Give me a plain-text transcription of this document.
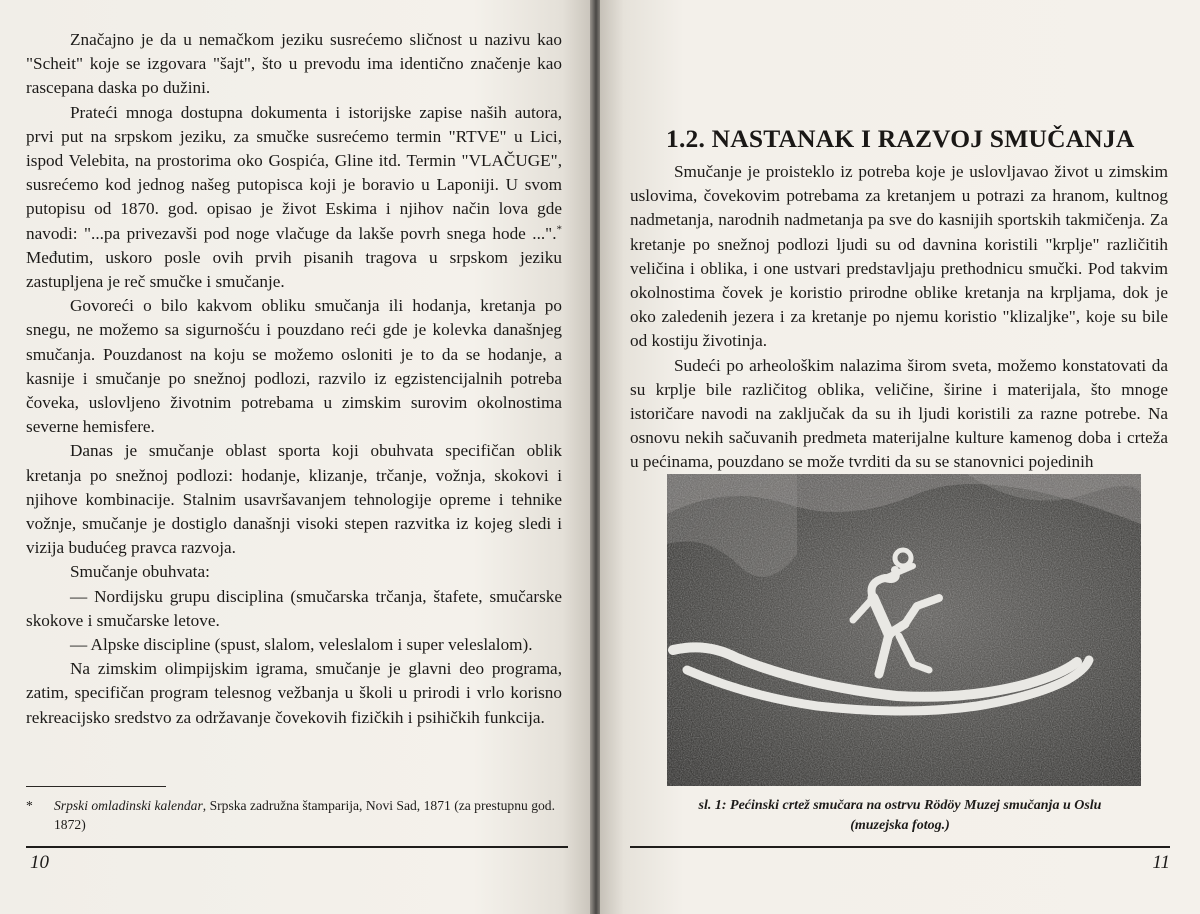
Značajno je da u nemačkom jeziku susrećemo sličnost u nazivu kao "Scheit" koje se izgovara "šajt", što u prevodu ima identično značenje kao rascepana daska po dužini.

Prateći mnoga dostupna dokumenta i istorijske zapise naših autora, prvi put na srpskom jeziku, za smučke susrećemo termin "RTVE" u Lici, ispod Velebita, na prostorima oko Gospića, Gline itd. Termin "VLAČUGE", susrećemo kod jednog našeg putopisca koji je boravio u Laponiji. U svom putopisu od 1870. god. opisao je život Eskima i njihov način lova gde navodi: "...pa privezavši pod noge vlačuge da lakše povrh snega hode ...".* Međutim, uskoro posle ovih prvih pisanih tragova u srpskom jeziku zastupljena je reč smučke i smučanje.

Govoreći o bilo kakvom obliku smučanja ili hodanja, kretanja po snegu, ne možemo sa sigurnošću i pouzdano reći gde je kolevka današnjeg smučanja. Pouzdanost na koju se možemo osloniti je to da se hodanje, a kasnije i smučanje po snežnoj podlozi, razvilo iz egzistencijalnih potreba čoveka, uslovljeno životnim potrebama u zimskim surovim okolnostima severne hemisfere.

Danas je smučanje oblast sporta koji obuhvata specifičan oblik kretanja po snežnoj podlozi: hodanje, klizanje, trčanje, vožnja, skokovi i njihove kombinacije. Stalnim usavršavanjem tehnologije opreme i tehnike vožnje, smučanje je dostiglo današnji visoki stepen razvitka iz kojeg sledi i vizija budućeg pravca razvoja.

Smučanje obuhvata:

— Nordijsku grupu disciplina (smučarska trčanja, štafete, smučarske skokove i smučarske letove.

— Alpske discipline (spust, slalom, veleslalom i super veleslalom).

Na zimskim olimpijskim igrama, smučanje je glavni deo programa, zatim, specifičan program telesnog vežbanja u školi u prirodi i vrlo korisno rekreacijsko sredstvo za održavanje čovekovih fizičkih i psihičkih funkcija.

* Srpski omladinski kalendar, Srpska zadružna štamparija, Novi Sad, 1871 (za prestupnu god. 1872)
10
1.2. NASTANAK I RAZVOJ SMUČANJA

Smučanje je proisteklo iz potreba koje je uslovljavao život u zimskim uslovima, čovekovim potrebama za kretanjem u potrazi za hranom, kultnog nadmetanja, narodnih nadmetanja pa sve do kasnijih sportskih takmičenja. Za kretanje po snežnoj podlozi ljudi su od davnina koristili "krplje" različitih veličina i oblika, i one ustvari predstavljaju prethodnicu smučki. Pod takvim okolnostima čovek je koristio prirodne oblike kretanja na krpljama, dok je oko zaledenih jezera i za kretanje po njemu koristio "klizaljke", koje su bile od kostiju životinja.

Sudeći po arheološkim nalazima širom sveta, možemo konstatovati da su krplje bile različitog oblika, veličine, širine i materijala, što mnoge istoričare navodi na zaključak da su ih ljudi koristili za razne potrebe. Na osnovu nekih sačuvanih predmeta materijalne kulture kamenog doba i crteža u pećinama, pouzdano se može tvrditi da su se stanovnici pojedinih

sl. 1: Pećinski crtež smučara na ostrvu Rödöy Muzej smučanja u Oslu
(muzejska fotog.)
11
